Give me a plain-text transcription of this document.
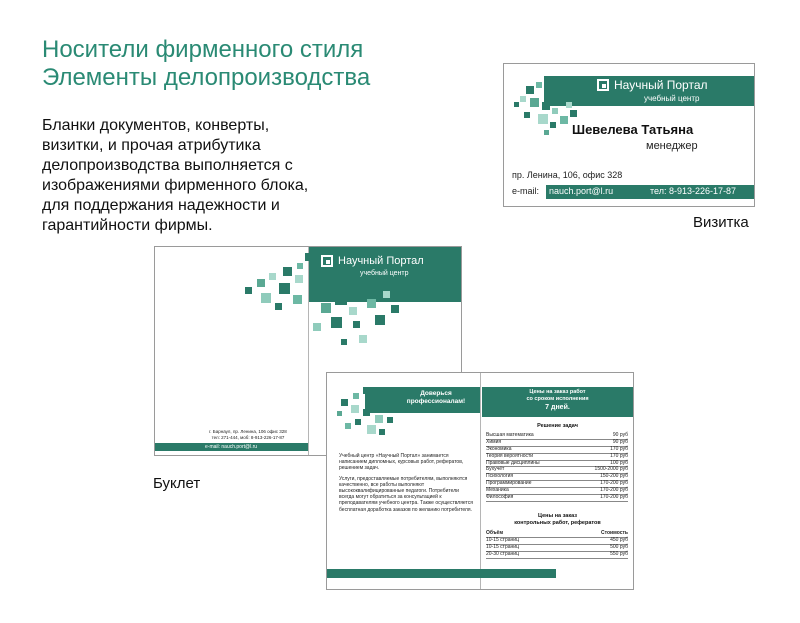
Носители фирменного стиля
Элементы делопроизводства
Бланки документов, конверты, визитки, и прочая атрибутика делопроизводства выполняется с изображениями фирменного блока, для поддержания надежности и гарантийности фирмы.
Научный Портал
учебный центр
Шевелева Татьяна
менеджер
пр. Ленина, 106, офис 328
e-mail: nauch.port@l.ru	тел: 8-913-226-17-87
Визитка
Научный Портал
учебный центр
г. Барнаул, пр. Ленина, 106 офис 328
тел: 271-444, моб: 8-913-226-17-87
e-mail: nauch.port@l.ru
Буклет
Доверься профессионалам!

Учебный центр «Научный Портал» занимается написанием дипломных, курсовых работ, рефератов, решением задач.

Услуги, предоставляемые потребителям, выполняются качественно, все работы выполняют высококвалифицированные педагоги. Потребители всегда могут обратиться за консультацией к преподавателям учебного центра. Также осуществляется бесплатная доработка заказов по желанию потребителя.

Цены на заказ работ
со сроком исполнения
7 дней.
Решение задач
Высшая математика	90 руб
Химия	90 руб
Экономика	170 руб
Теория вероятности	170 руб
Правовые дисциплины	100 руб
Бухучёт	1500-2000 руб
Психология	150-200 руб
Программирование	170-200 руб
Механика	170-200 руб
Философия	170-200 руб
Цены на заказ
контрольных работ, рефератов
Объём	Стоимость
10-15 страниц	450 руб
10-15 страниц	500 руб
20-30 страниц	550 руб
